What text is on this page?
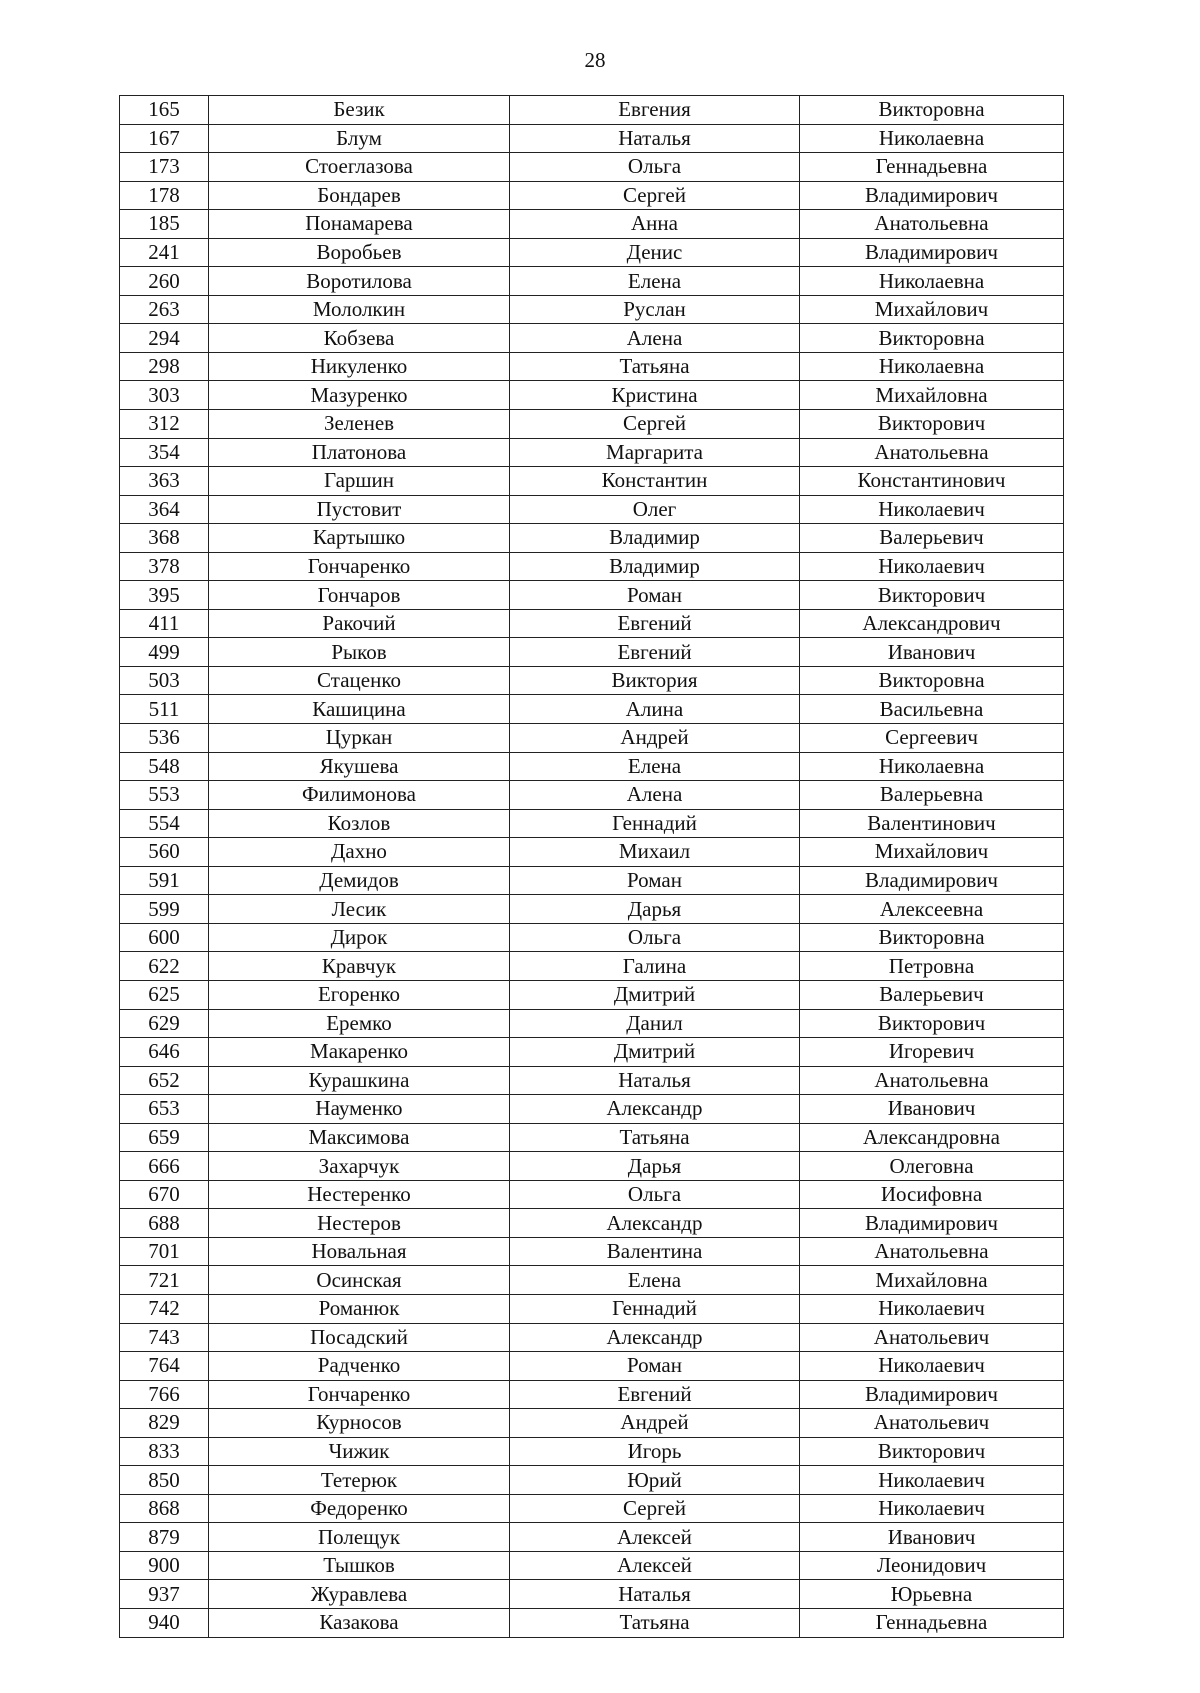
28
165	Безик	Евгения	Викторовна
167	Блум	Наталья	Николаевна
173	Стоеглазова	Ольга	Геннадьевна
178	Бондарев	Сергей	Владимирович
185	Понамарева	Анна	Анатольевна
241	Воробьев	Денис	Владимирович
260	Воротилова	Елена	Николаевна
263	Мололкин	Руслан	Михайлович
294	Кобзева	Алена	Викторовна
298	Никуленко	Татьяна	Николаевна
303	Мазуренко	Кристина	Михайловна
312	Зеленев	Сергей	Викторович
354	Платонова	Маргарита	Анатольевна
363	Гаршин	Константин	Константинович
364	Пустовит	Олег	Николаевич
368	Картышко	Владимир	Валерьевич
378	Гончаренко	Владимир	Николаевич
395	Гончаров	Роман	Викторович
411	Ракочий	Евгений	Александрович
499	Рыков	Евгений	Иванович
503	Стаценко	Виктория	Викторовна
511	Кашицина	Алина	Васильевна
536	Цуркан	Андрей	Сергеевич
548	Якушева	Елена	Николаевна
553	Филимонова	Алена	Валерьевна
554	Козлов	Геннадий	Валентинович
560	Дахно	Михаил	Михайлович
591	Демидов	Роман	Владимирович
599	Лесик	Дарья	Алексеевна
600	Дирок	Ольга	Викторовна
622	Кравчук	Галина	Петровна
625	Егоренко	Дмитрий	Валерьевич
629	Еремко	Данил	Викторович
646	Макаренко	Дмитрий	Игоревич
652	Курашкина	Наталья	Анатольевна
653	Науменко	Александр	Иванович
659	Максимова	Татьяна	Александровна
666	Захарчук	Дарья	Олеговна
670	Нестеренко	Ольга	Иосифовна
688	Нестеров	Александр	Владимирович
701	Новальная	Валентина	Анатольевна
721	Осинская	Елена	Михайловна
742	Романюк	Геннадий	Николаевич
743	Посадский	Александр	Анатольевич
764	Радченко	Роман	Николаевич
766	Гончаренко	Евгений	Владимирович
829	Курносов	Андрей	Анатольевич
833	Чижик	Игорь	Викторович
850	Тетерюк	Юрий	Николаевич
868	Федоренко	Сергей	Николаевич
879	Полещук	Алексей	Иванович
900	Тышков	Алексей	Леонидович
937	Журавлева	Наталья	Юрьевна
940	Казакова	Татьяна	Геннадьевна
